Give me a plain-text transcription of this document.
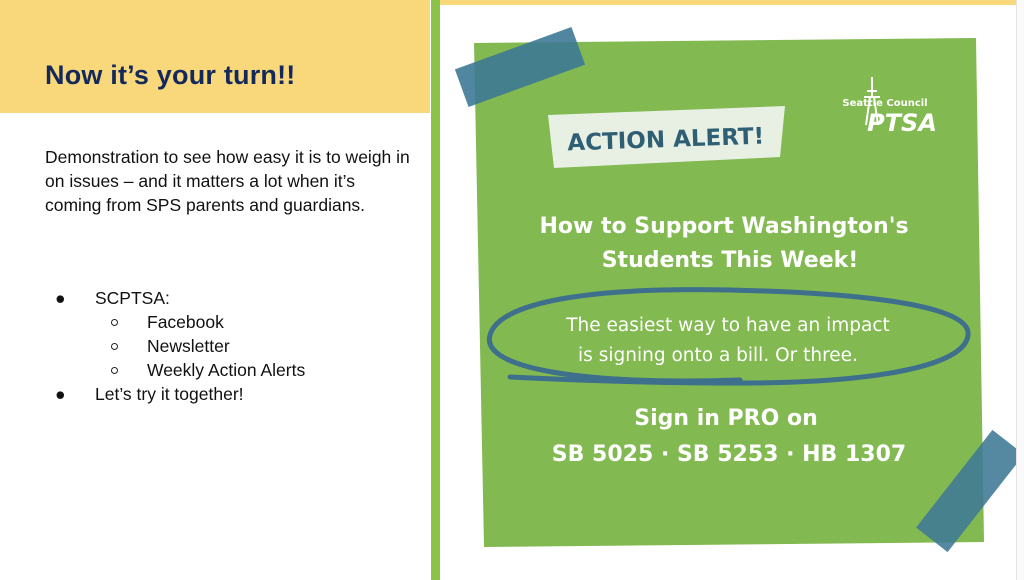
Now it’s your turn!!

Demonstration to see how easy it is to weigh in on issues – and it matters a lot when it’s coming from SPS parents and guardians.

● SCPTSA:
Facebook
Newsletter
Weekly Action Alerts
● Let’s try it together!
ACTION ALERT!
Seattle Council
PTSA
How to Support Washington's
Students This Week!
The easiest way to have an impact
is signing onto a bill. Or three.
Sign in PRO on
SB 5025 · SB 5253 · HB 1307
